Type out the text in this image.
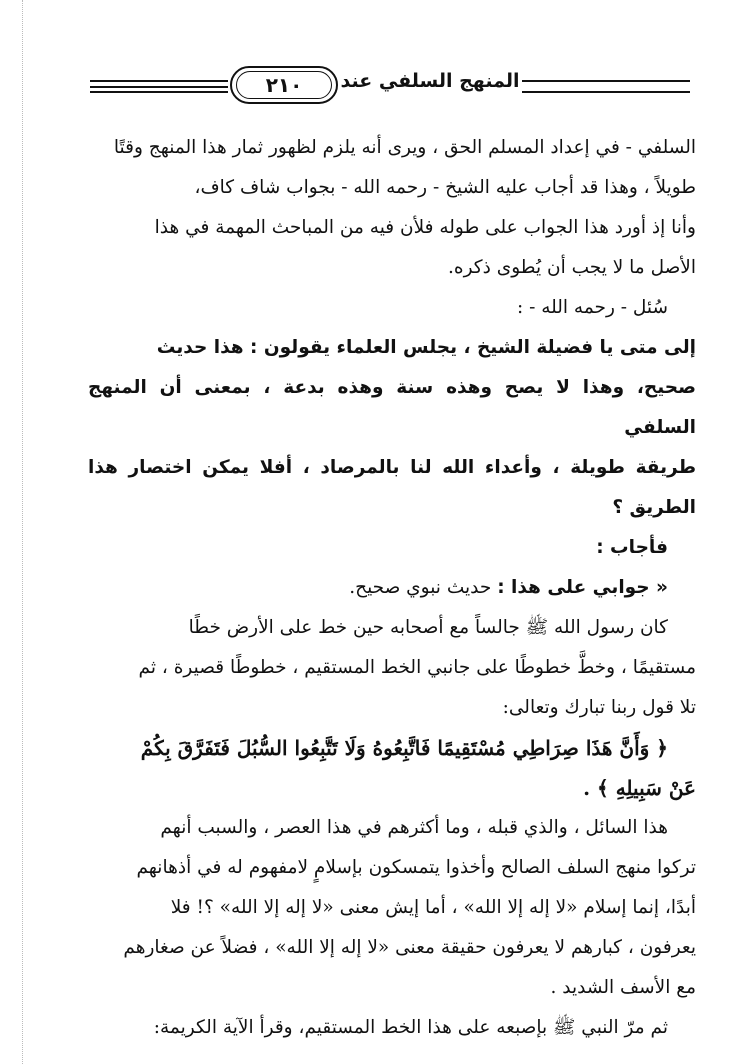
٢١٠	المنهج السلفي عند

السلفي - في إعداد المسلم الحق ، ويرى أنه يلزم لظهور ثمار هذا المنهج وقتًا

طويلاً ، وهذا قد أجاب عليه الشيخ - رحمه الله - بجواب شاف كاف،

وأنا إذ أورد هذا الجواب على طوله فلأن فيه من المباحث المهمة في هذا

الأصل ما لا يجب أن يُطوى ذكره.

سُئل - رحمه الله - :

إلى متى يا فضيلة الشيخ ، يجلس العلماء يقولون : هذا حديث

صحيح، وهذا لا يصح وهذه سنة وهذه بدعة ، بمعنى أن المنهج السلفي

طريقة طويلة ، وأعداء الله لنا بالمرصاد ، أفلا يمكن اختصار هذا الطريق ؟

فأجاب :

« جوابي على هذا : حديث نبوي صحيح.

كان رسول الله ﷺ جالساً مع أصحابه حين خط على الأرض خطًا

مستقيمًا ، وخطَّ خطوطًا على جانبي الخط المستقيم ، خطوطًا قصيرة ، ثم

تلا قول ربنا تبارك وتعالى:

﴿ وَأَنَّ هَذَا صِرَاطِي مُسْتَقِيمًا فَاتَّبِعُوهُ وَلَا تَتَّبِعُوا السُّبُلَ فَتَفَرَّقَ بِكُمْ

عَنْ سَبِيلِهِ ﴾ .

هذا السائل ، والذي قبله ، وما أكثرهم في هذا العصر ، والسبب أنهم

تركوا منهج السلف الصالح وأخذوا يتمسكون بإسلامٍ لامفهوم له في أذهانهم

أبدًا، إنما إسلام «لا إله إلا الله» ، أما إيش معنى «لا إله إلا الله» ؟! فلا

يعرفون ، كبارهم لا يعرفون حقيقة معنى «لا إله إلا الله» ، فضلاً عن صغارهم

مع الأسف الشديد .

ثم مرّ النبي ﷺ بإصبعه على هذا الخط المستقيم، وقرأ الآية الكريمة:
